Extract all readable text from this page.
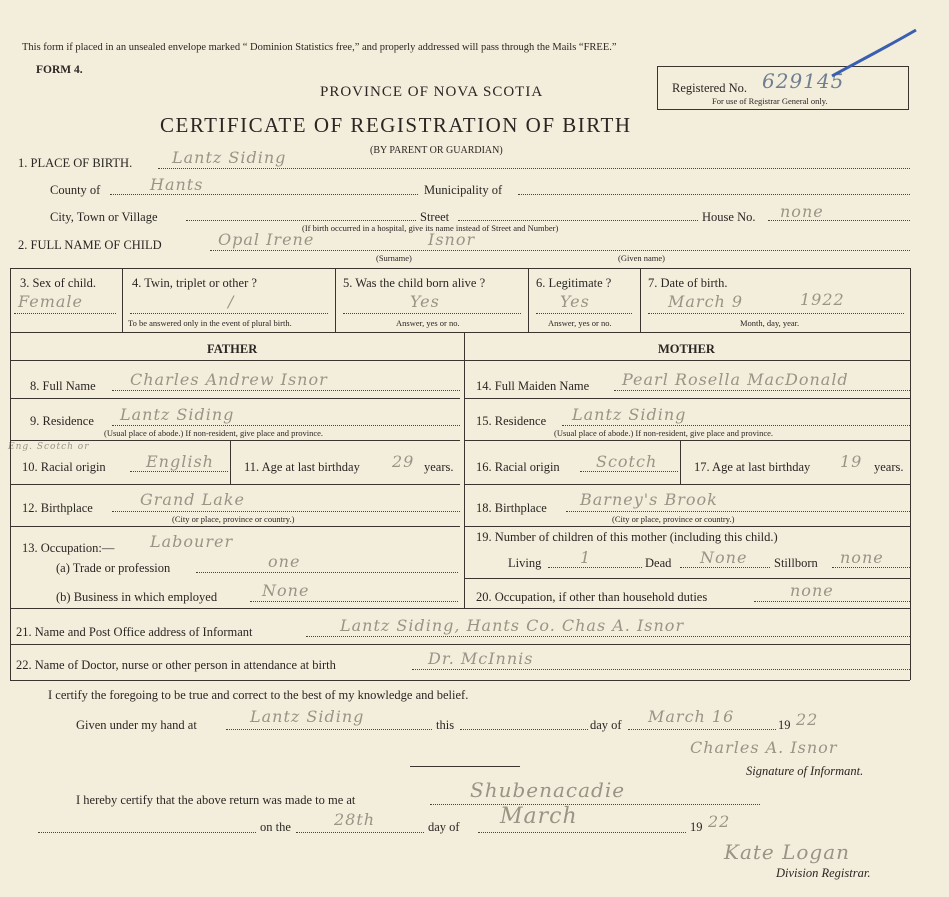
This form if placed in an unsealed envelope marked “ Dominion Statistics free,” and properly addressed will pass through the Mails “FREE.”
FORM 4.
PROVINCE OF NOVA SCOTIA
CERTIFICATE OF REGISTRATION OF BIRTH
(BY PARENT OR GUARDIAN)
Registered No. 629145
For use of Registrar General only.
1. PLACE OF BIRTH. Lantz Siding
County of	Hants	Municipality of
City, Town or Village	Street	House No. none
(If birth occurred in a hospital, give its name instead of Street and Number)
2. FULL NAME OF CHILD	Opal Irene	Isnor
(Surname)	(Given name)
3. Sex of child.
Female
4. Twin, triplet or other ?
/
To be answered only in the event of plural birth.
5. Was the child born alive ?
Yes
Answer, yes or no.
6. Legitimate ?
Yes
Answer, yes or no.
7. Date of birth.
March 9	1922
Month, day, year.
FATHER	MOTHER
8. Full Name Charles Andrew Isnor
9. Residence Lantz Siding
(Usual place of abode.) If non-resident, give place and province.
Eng. Scotch or
10. Racial origin	English 11. Age at last birthday 29 years.
12. Birthplace	Grand Lake
(City or place, province or country.)
13. Occupation:— Labourer
(a) Trade or profession	one
(b) Business in which employed	None
14. Full Maiden Name Pearl Rosella MacDonald
15. Residence Lantz Siding
(Usual place of abode.) If non-resident, give place and province.
16. Racial origin Scotch	17. Age at last birthday 19 years.
18. Birthplace Barney's Brook
(City or place, province or country.)
19. Number of children of this mother (including this child.)
Living 1	Dead None Stillborn none
20. Occupation, if other than household duties	none
21. Name and Post Office address of Informant	Lantz Siding, Hants Co. Chas A. Isnor
22. Name of Doctor, nurse or other person in attendance at birth	Dr. McInnis
I certify the foregoing to be true and correct to the best of my knowledge and belief.
Given under my hand at	Lantz Siding	this	day of March 16	19 22
Charles A. Isnor
Signature of Informant.
I hereby certify that the above return was made to me at	Shubenacadie
on the	28th	day of March	19 22
Kate Logan
Division Registrar.
